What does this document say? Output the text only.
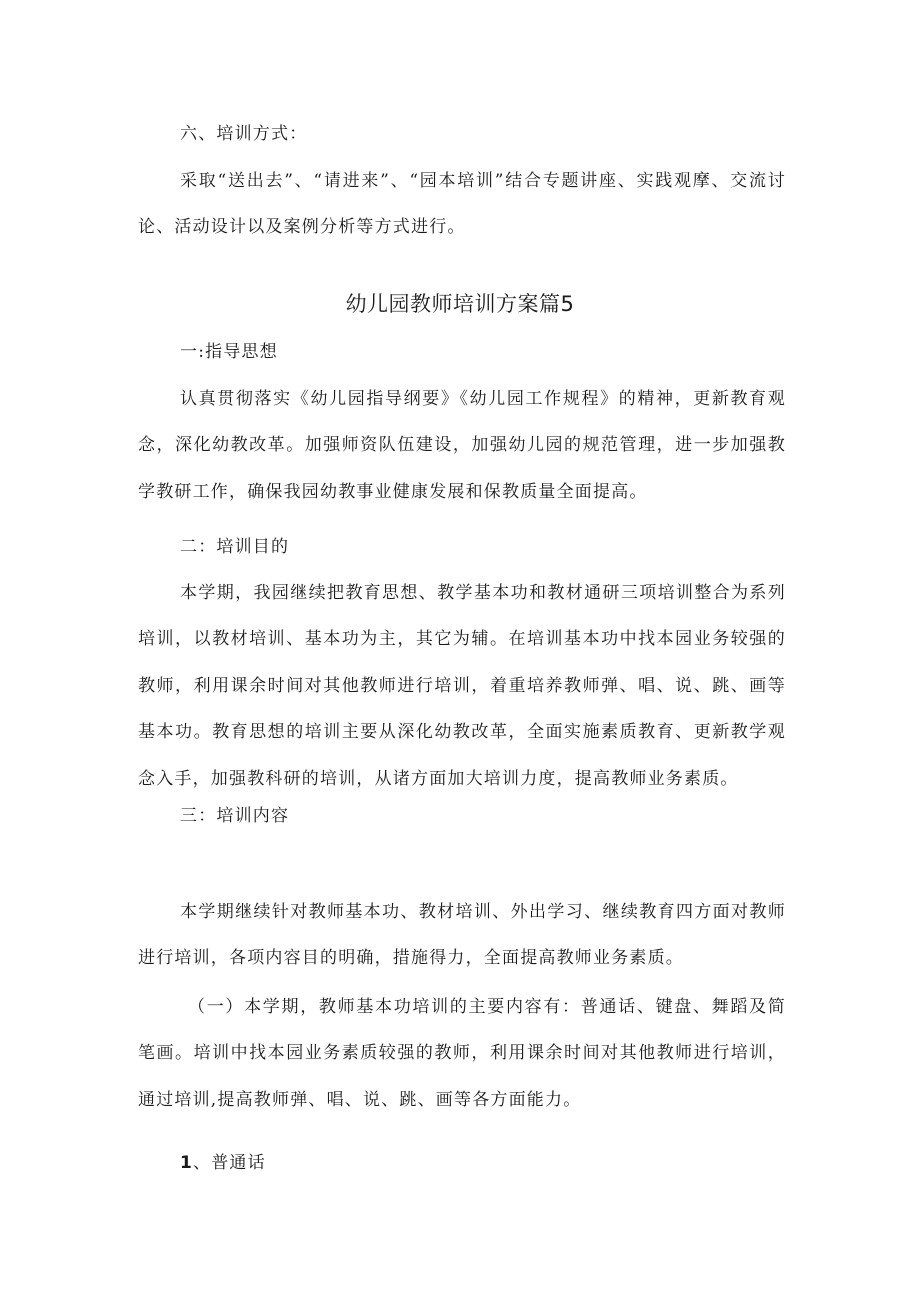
六、培训方式：

采取“送出去”、“请进来”、“园本培训”结合专题讲座、实践观摩、交流讨论、活动设计以及案例分析等方式进行。

幼儿园教师培训方案篇5

一:指导思想

认真贯彻落实《幼儿园指导纲要》《幼儿园工作规程》的精神，更新教育观念，深化幼教改革。加强师资队伍建设，加强幼儿园的规范管理，进一步加强教学教研工作，确保我园幼教事业健康发展和保教质量全面提高。

二：培训目的

本学期，我园继续把教育思想、教学基本功和教材通研三项培训整合为系列培训，以教材培训、基本功为主，其它为辅。在培训基本功中找本园业务较强的教师，利用课余时间对其他教师进行培训，着重培养教师弹、唱、说、跳、画等基本功。教育思想的培训主要从深化幼教改革，全面实施素质教育、更新教学观念入手，加强教科研的培训，从诸方面加大培训力度，提高教师业务素质。

三：培训内容

本学期继续针对教师基本功、教材培训、外出学习、继续教育四方面对教师进行培训，各项内容目的明确，措施得力，全面提高教师业务素质。

（一）本学期，教师基本功培训的主要内容有：普通话、键盘、舞蹈及简笔画。培训中找本园业务素质较强的教师，利用课余时间对其他教师进行培训，通过培训,提高教师弹、唱、说、跳、画等各方面能力。

1、普通话
